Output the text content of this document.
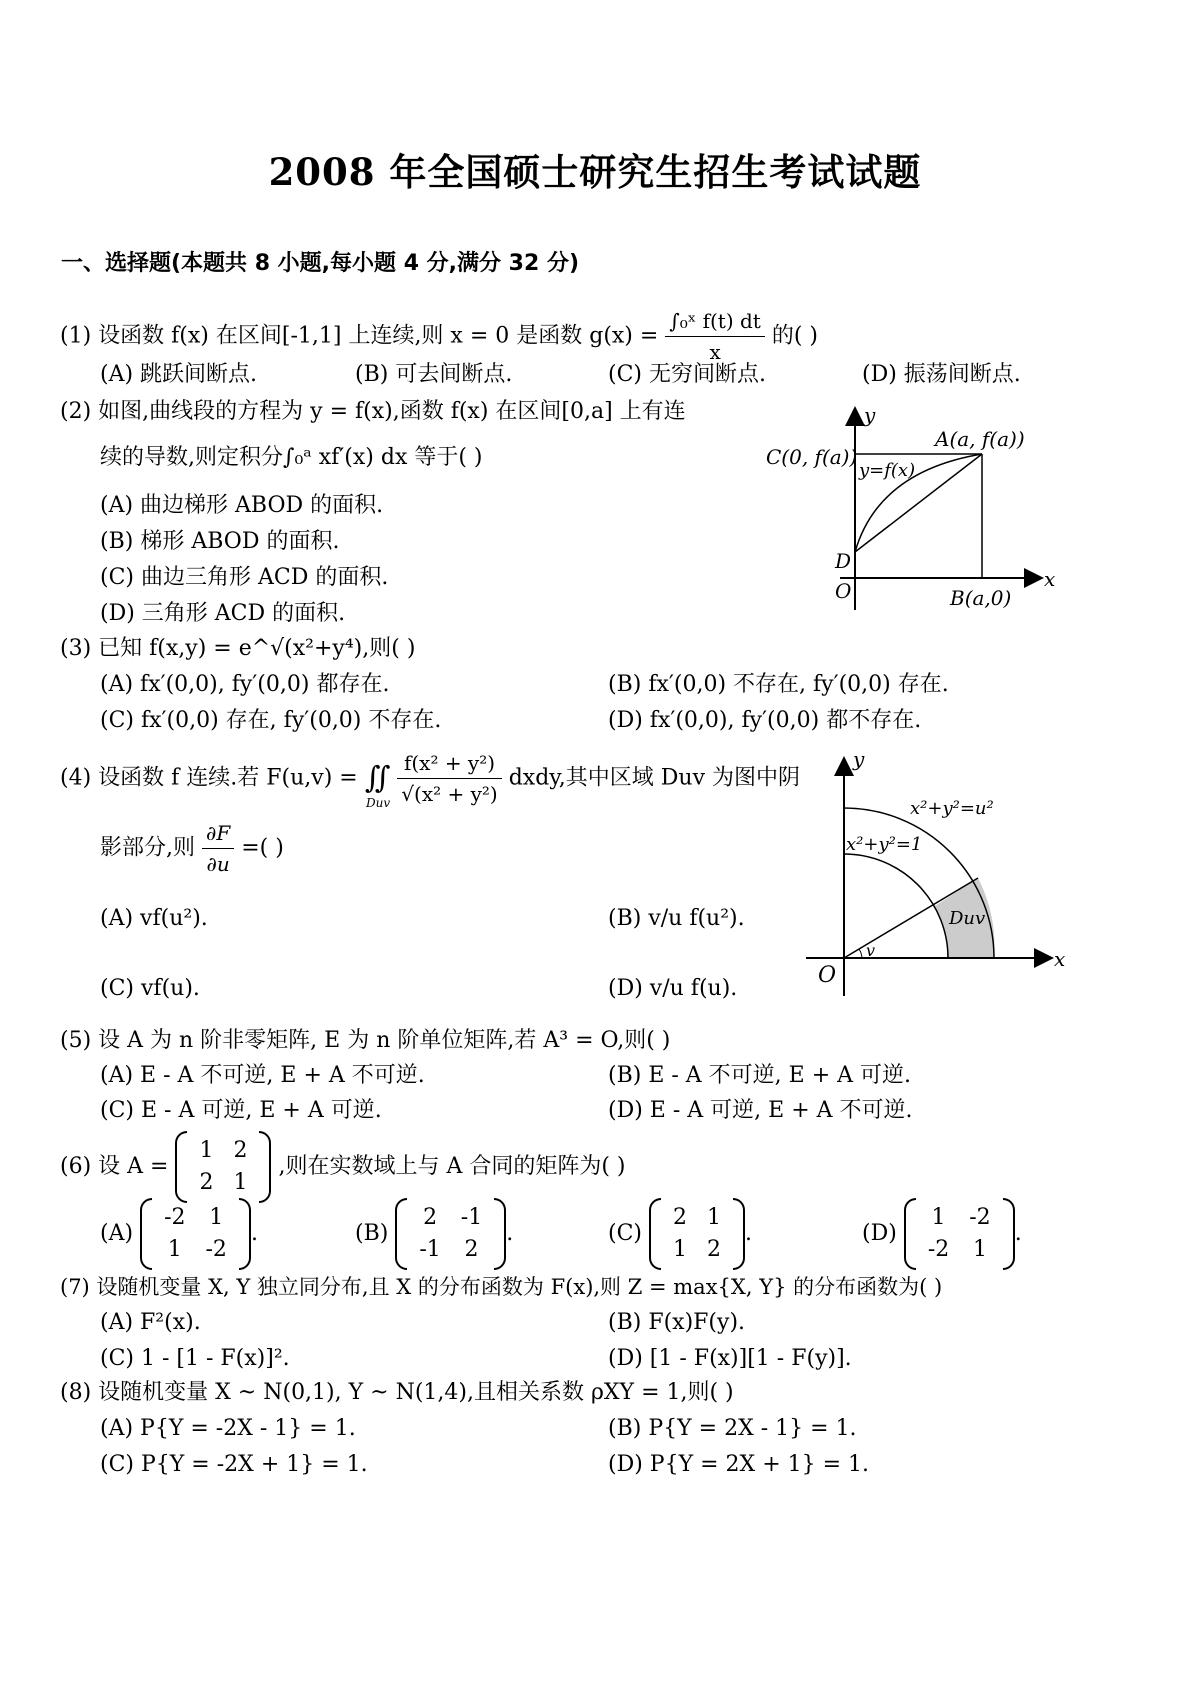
2008 年全国硕士研究生招生考试试题
一、选择题(本题共 8 小题,每小题 4 分,满分 32 分)
(1) 设函数 f(x) 在区间[-1,1] 上连续,则 x = 0 是函数 $g(x) = \frac{\text{∫₀ˣ f(t) dt}}{x}$ 的( )
(A) 跳跃间断点.	(B) 可去间断点.	(C) 无穷间断点.	(D) 振荡间断点.
(2) 如图,曲线段的方程为 y = f(x),函数 f(x) 在区间[0,a] 上有连
续的导数,则定积分∫₀ᵃ xf′(x) dx 等于( )
(A) 曲边梯形 ABOD 的面积.
(B) 梯形 ABOD 的面积.
(C) 曲边三角形 ACD 的面积.
(D) 三角形 ACD 的面积.
y
x
A(a, f(a))
C(0, f(a))
y=f(x)
D
O	B(a,0)
(3) 已知 f(x,y) = e^√(x²+y⁴),则( )
(A) fx′(0,0), fy′(0,0) 都存在.	(B) fx′(0,0) 不存在, fy′(0,0) 存在.
(C) fx′(0,0) 存在, fy′(0,0) 不存在.	(D) fx′(0,0), fy′(0,0) 都不存在.
(4) 设函数 f 连续.若 F(u,v) = ∬ $\frac{\text{f(x² + y²)}}{\text{√(x² + y²)}}$ dxdy,其中区域 Duv 为图中阴
Duv
影部分,则 $\frac{\partial F}{\partial u}$ =( )
(A) vf(u²).	(B) v/u f(u²).
(C) vf(u).	(D) v/u f(u).
y
x
O
x²+y²=u²
x²+y²=1
Duv
v
(5) 设 A 为 n 阶非零矩阵, E 为 n 阶单位矩阵,若 A³ = O,则( )
(A) E - A 不可逆, E + A 不可逆.	(B) E - A 不可逆, E + A 可逆.
(C) E - A 可逆, E + A 可逆.	(D) E - A 可逆, E + A 不可逆.
(6) 设 A =
1	2
2	1
,则在实数域上与 A 合同的矩阵为( )
(A)
-2	1
1	-2
.	(B)
2	-1
-1	2
.	(C)
2	1
1	2
.	(D)
1	-2
-2	1
.
(7) 设随机变量 X, Y 独立同分布,且 X 的分布函数为 F(x),则 Z = max{X, Y} 的分布函数为( )
(A) F²(x).	(B) F(x)F(y).
(C) 1 - [1 - F(x)]².	(D) [1 - F(x)][1 - F(y)].
(8) 设随机变量 X ~ N(0,1), Y ~ N(1,4),且相关系数 ρXY = 1,则( )
(A) P{Y = -2X - 1} = 1.	(B) P{Y = 2X - 1} = 1.
(C) P{Y = -2X + 1} = 1.	(D) P{Y = 2X + 1} = 1.
